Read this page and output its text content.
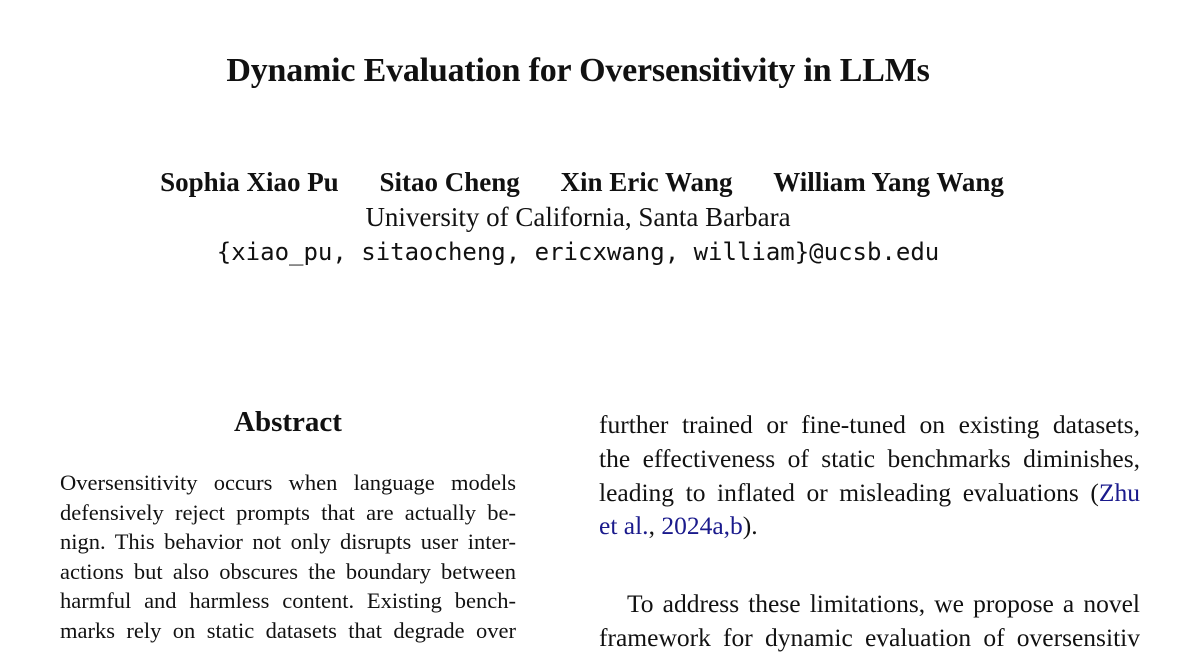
Dynamic Evaluation for Oversensitivity in LLMs
Sophia Xiao Pu Sitao Cheng Xin Eric Wang William Yang Wang
University of California, Santa Barbara
{xiao_pu, sitaocheng, ericxwang, william}@ucsb.edu
Abstract
Oversensitivity occurs when language models
defensively reject prompts that are actually be-
nign. This behavior not only disrupts user inter-
actions but also obscures the boundary between
harmful and harmless content. Existing bench-
marks rely on static datasets that degrade over
further trained or fine-tuned on existing datasets,
the effectiveness of static benchmarks diminishes,
leading to inflated or misleading evaluations (Zhu
et al., 2024a,b).
To address these limitations, we propose a novel
framework for dynamic evaluation of oversensitiv
